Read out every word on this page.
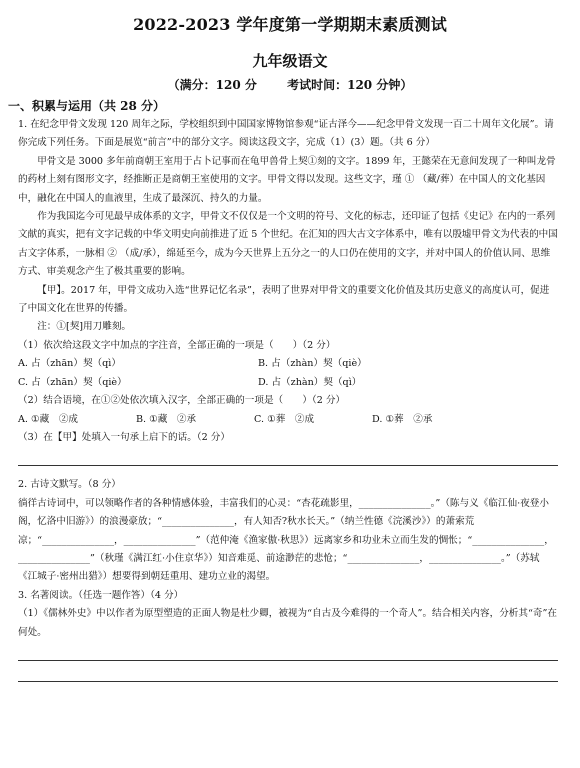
2022-2023 学年度第一学期期末素质测试
九年级语文
（满分：120 分	考试时间：120 分钟）
一、积累与运用（共 28 分）

1. 在纪念甲骨文发现 120 周年之际，学校组织到中国国家博物馆参观“证古泽今——纪念甲骨文发现一百二十周年文化展”。请你完成下列任务。下面是展览“前言”中的部分文字。阅读这段文字，完成（1）(3）题。（共 6 分）

甲骨文是 3000 多年前商朝王室用于占卜记事而在龟甲兽骨上契①刻的文字。1899 年，王懿荣在无意间发现了一种叫龙骨的药材上刻有图形文字，经推断正是商朝王室使用的文字。甲骨文得以发现。这些文字，瑾 ① （藏/葬）在中国人的文化基因中，融化在中国人的血液里，生成了最深沉、持久的力量。

作为我国迄今可见最早成体系的文字，甲骨文不仅仅是一个文明的符号、文化的标志，还印证了包括《史记》在内的一系列文献的真实，把有文字记载的中华文明史向前推进了近 5 个世纪。在汇知的四大古文字体系中，唯有以殷墟甲骨文为代表的中国古文字体系，一脉相 ② （成/承），绵延至今，成为今天世界上五分之一的人口仍在使用的文字，并对中国人的价值认同、思维方式、审美观念产生了极其重要的影响。

【甲】。2017 年，甲骨文成功入选“世界记忆名录”，表明了世界对甲骨文的重要文化价值及其历史意义的高度认可，促进了中国文化在世界的传播。

注：①[契]用刀雕刻。

（1）依次给这段文字中加点的字注音，全部正确的一项是（　　）（2 分）

A. 占（zhān）契（qì）	B. 占（zhàn）契（qiè）
C. 占（zhān）契（qiè）	D. 占（zhàn）契（qì）

（2）结合语境，在①②处依次填入汉字，全部正确的一项是（　　）（2 分）

A. ①藏　②成	B. ①藏　②承	C. ①葬　②成	D. ①葬　②承

（3）在【甲】处填入一句承上启下的话。（2 分）

2. 古诗文默写。（8 分）

徜徉古诗词中，可以领略作者的各种情感体验，丰富我们的心灵：“杏花疏影里，_______________。”（陈与义《临江仙·夜登小阁，忆洛中旧游》）的浪漫豪放；“_______________，有人知否?秋水长天。”（纳兰性德《浣溪沙》）的萧索荒凉；“_______________，_______________”（范仲淹《渔家傲·秋思》）远离家乡和功业未立而生发的惆怅；“_______________，_______________”（秋瑾《满江红·小住京华》）知音难觅、前途渺茫的悲怆；“_______________，_______________。”（苏轼《江城子·密州出猎》）想要得到朝廷重用、建功立业的渴望。

3. 名著阅读。（任选一题作答）（4 分）

（1）《儒林外史》中以作者为原型塑造的正面人物是杜少卿，被视为“自古及今难得的一个奇人”。结合相关内容，分析其“奇”在何处。
